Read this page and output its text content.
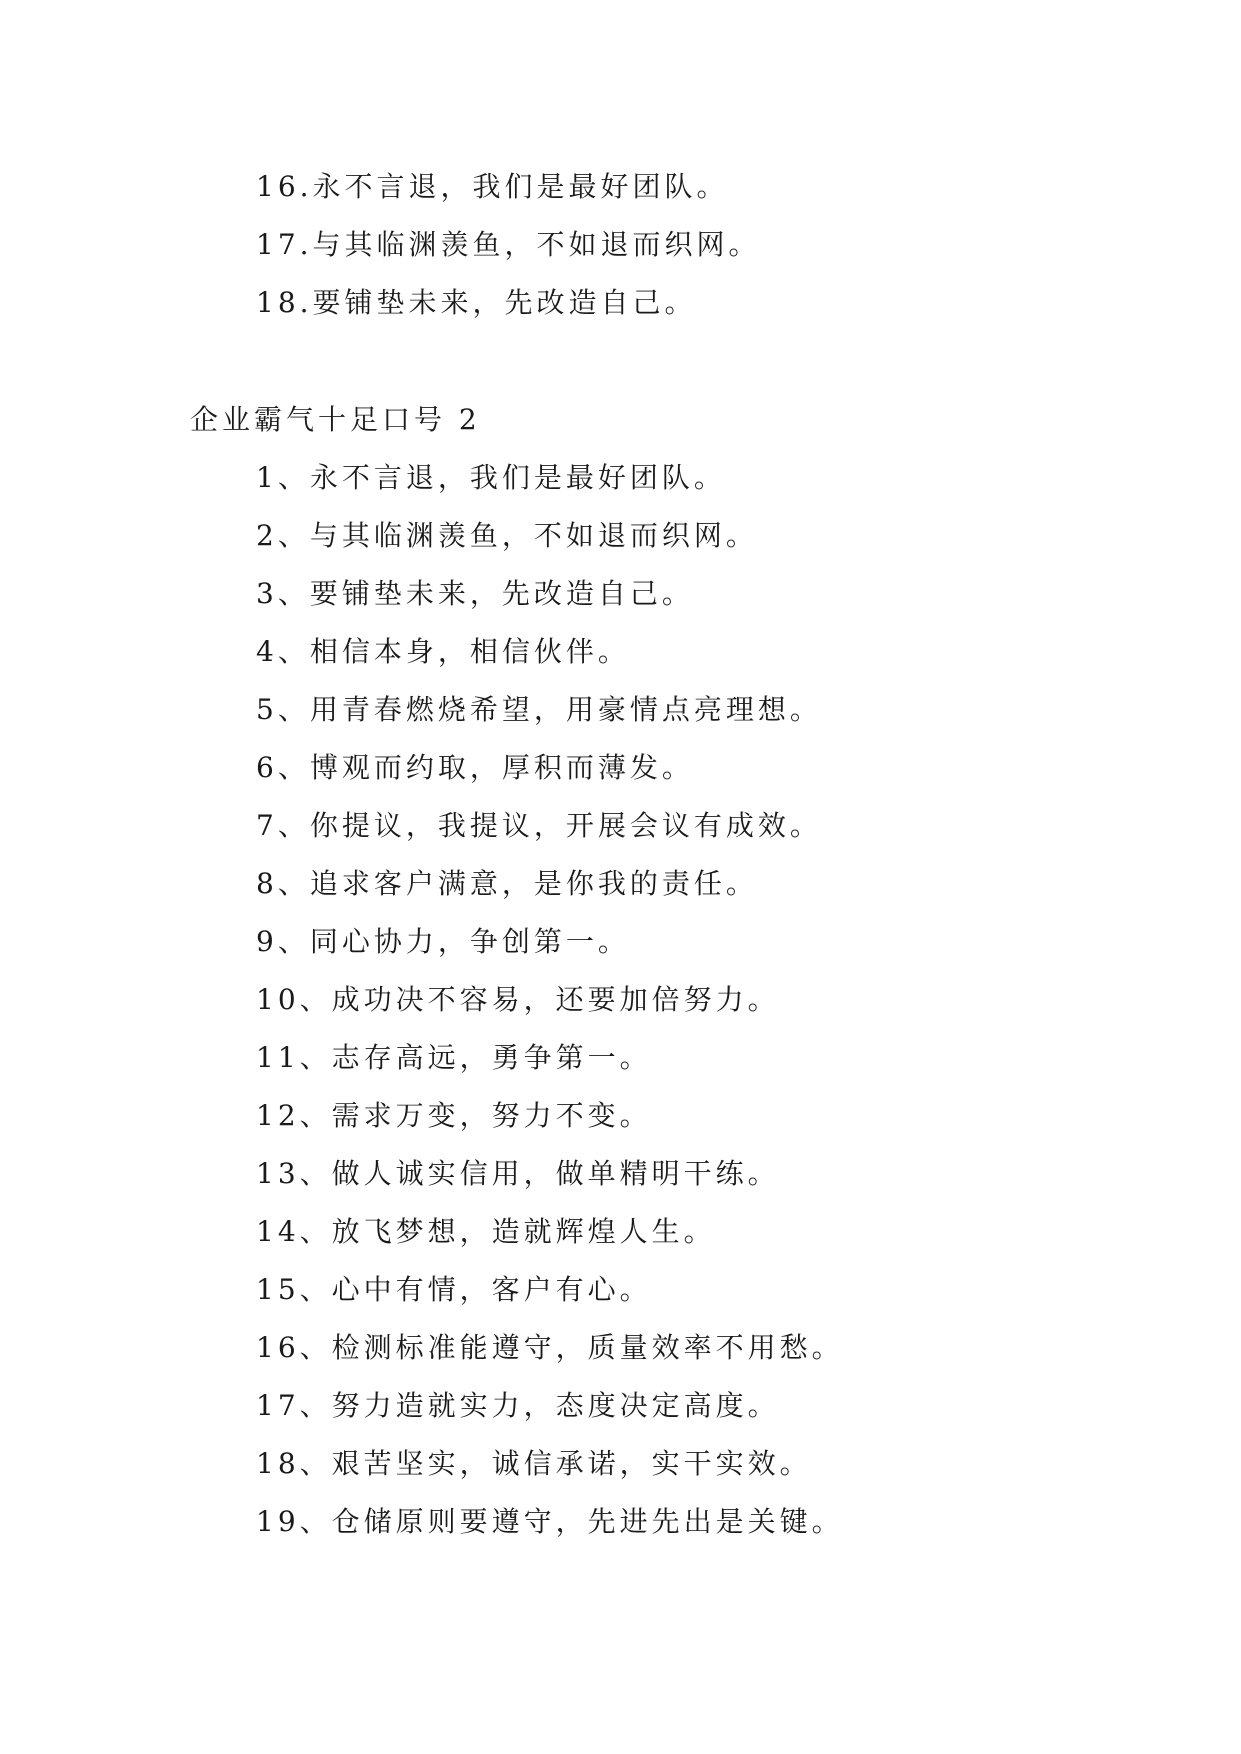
16.永不言退，我们是最好团队。
17.与其临渊羡鱼，不如退而织网。
18.要铺垫未来，先改造自己。
企业霸气十足口号 2
1、永不言退，我们是最好团队。
2、与其临渊羡鱼，不如退而织网。
3、要铺垫未来，先改造自己。
4、相信本身，相信伙伴。
5、用青春燃烧希望，用豪情点亮理想。
6、博观而约取，厚积而薄发。
7、你提议，我提议，开展会议有成效。
8、追求客户满意，是你我的责任。
9、同心协力，争创第一。
10、成功决不容易，还要加倍努力。
11、志存高远，勇争第一。
12、需求万变，努力不变。
13、做人诚实信用，做单精明干练。
14、放飞梦想，造就辉煌人生。
15、心中有情，客户有心。
16、检测标准能遵守，质量效率不用愁。
17、努力造就实力，态度决定高度。
18、艰苦坚实，诚信承诺，实干实效。
19、仓储原则要遵守，先进先出是关键。
